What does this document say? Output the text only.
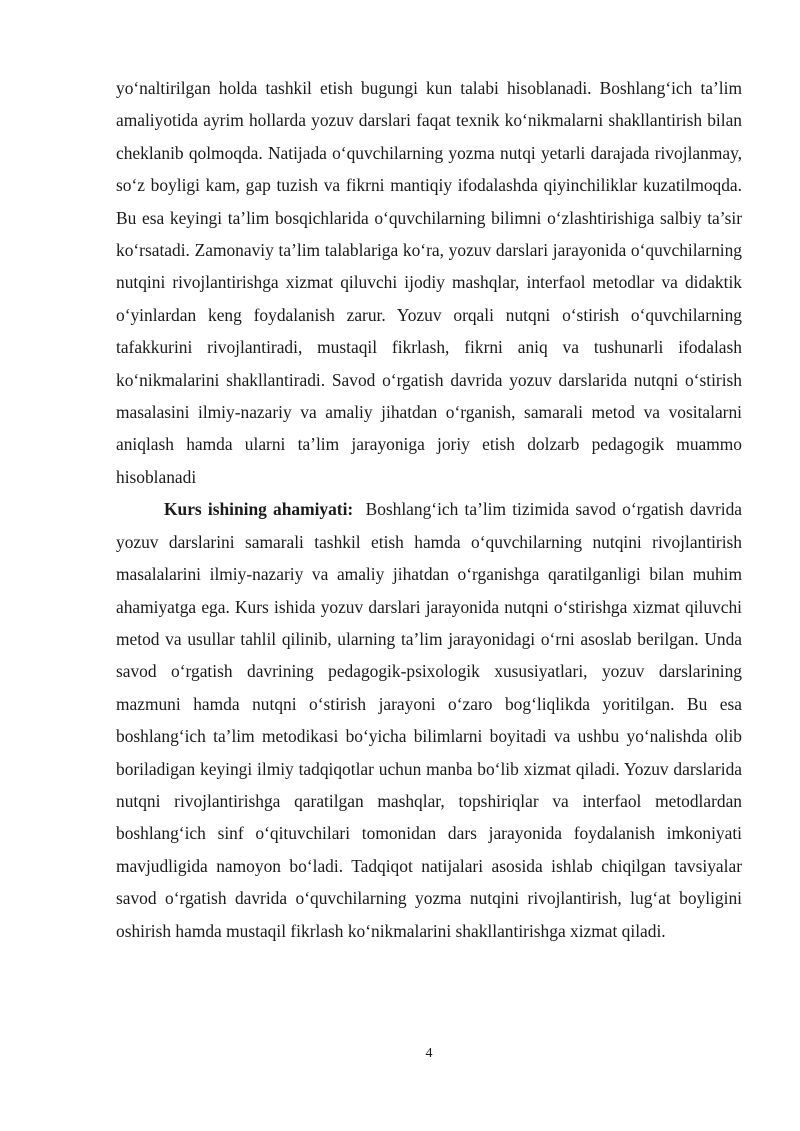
yo‘naltirilgan holda tashkil etish bugungi kun talabi hisoblanadi. Boshlang‘ich ta’lim amaliyotida ayrim hollarda yozuv darslari faqat texnik ko‘nikmalarni shakllantirish bilan cheklanib qolmoqda. Natijada o‘quvchilarning yozma nutqi yetarli darajada rivojlanmay, so‘z boyligi kam, gap tuzish va fikrni mantiqiy ifodalashda qiyinchiliklar kuzatilmoqda. Bu esa keyingi ta’lim bosqichlarida o‘quvchilarning bilimni o‘zlashtirishiga salbiy ta’sir ko‘rsatadi. Zamonaviy ta’lim talablariga ko‘ra, yozuv darslari jarayonida o‘quvchilarning nutqini rivojlantirishga xizmat qiluvchi ijodiy mashqlar, interfaol metodlar va didaktik o‘yinlardan keng foydalanish zarur. Yozuv orqali nutqni o‘stirish o‘quvchilarning tafakkurini rivojlantiradi, mustaqil fikrlash, fikrni aniq va tushunarli ifodalash ko‘nikmalarini shakllantiradi. Savod o‘rgatish davrida yozuv darslarida nutqni o‘stirish masalasini ilmiy-nazariy va amaliy jihatdan o‘rganish, samarali metod va vositalarni aniqlash hamda ularni ta’lim jarayoniga joriy etish dolzarb pedagogik muammo hisoblanadi

Kurs ishining ahamiyati: Boshlang‘ich ta’lim tizimida savod o‘rgatish davrida yozuv darslarini samarali tashkil etish hamda o‘quvchilarning nutqini rivojlantirish masalalarini ilmiy-nazariy va amaliy jihatdan o‘rganishga qaratilganligi bilan muhim ahamiyatga ega. Kurs ishida yozuv darslari jarayonida nutqni o‘stirishga xizmat qiluvchi metod va usullar tahlil qilinib, ularning ta’lim jarayonidagi o‘rni asoslab berilgan. Unda savod o‘rgatish davrining pedagogik-psixologik xususiyatlari, yozuv darslarining mazmuni hamda nutqni o‘stirish jarayoni o‘zaro bog‘liqlikda yoritilgan. Bu esa boshlang‘ich ta’lim metodikasi bo‘yicha bilimlarni boyitadi va ushbu yo‘nalishda olib boriladigan keyingi ilmiy tadqiqotlar uchun manba bo‘lib xizmat qiladi. Yozuv darslarida nutqni rivojlantirishga qaratilgan mashqlar, topshiriqlar va interfaol metodlardan boshlang‘ich sinf o‘qituvchilari tomonidan dars jarayonida foydalanish imkoniyati mavjudligida namoyon bo‘ladi. Tadqiqot natijalari asosida ishlab chiqilgan tavsiyalar savod o‘rgatish davrida o‘quvchilarning yozma nutqini rivojlantirish, lug‘at boyligini oshirish hamda mustaqil fikrlash ko‘nikmalarini shakllantirishga xizmat qiladi.

4
